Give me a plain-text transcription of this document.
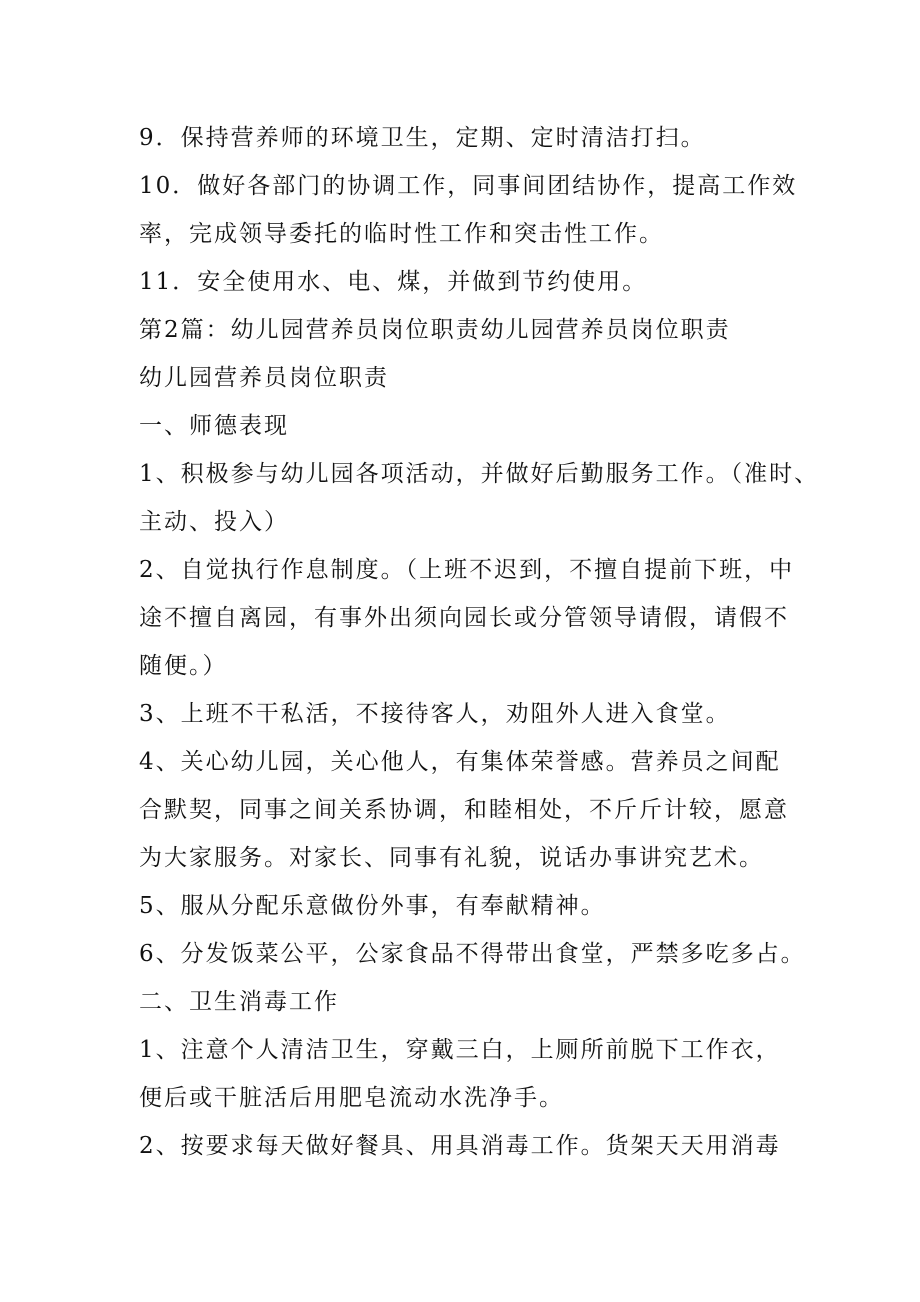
9．保持营养师的环境卫生，定期、定时清洁打扫。
10．做好各部门的协调工作，同事间团结协作，提高工作效
率，完成领导委托的临时性工作和突击性工作。
11．安全使用水、电、煤，并做到节约使用。
第2篇：幼儿园营养员岗位职责幼儿园营养员岗位职责
幼儿园营养员岗位职责
一、师德表现
1、积极参与幼儿园各项活动，并做好后勤服务工作。（准时、
主动、投入）
2、自觉执行作息制度。（上班不迟到，不擅自提前下班，中
途不擅自离园，有事外出须向园长或分管领导请假，请假不
随便。）
3、上班不干私活，不接待客人，劝阻外人进入食堂。
4、关心幼儿园，关心他人，有集体荣誉感。营养员之间配
合默契，同事之间关系协调，和睦相处，不斤斤计较，愿意
为大家服务。对家长、同事有礼貌，说话办事讲究艺术。
5、服从分配乐意做份外事，有奉献精神。
6、分发饭菜公平，公家食品不得带出食堂，严禁多吃多占。
二、卫生消毒工作
1、注意个人清洁卫生，穿戴三白，上厕所前脱下工作衣，
便后或干脏活后用肥皂流动水洗净手。
2、按要求每天做好餐具、用具消毒工作。货架天天用消毒
